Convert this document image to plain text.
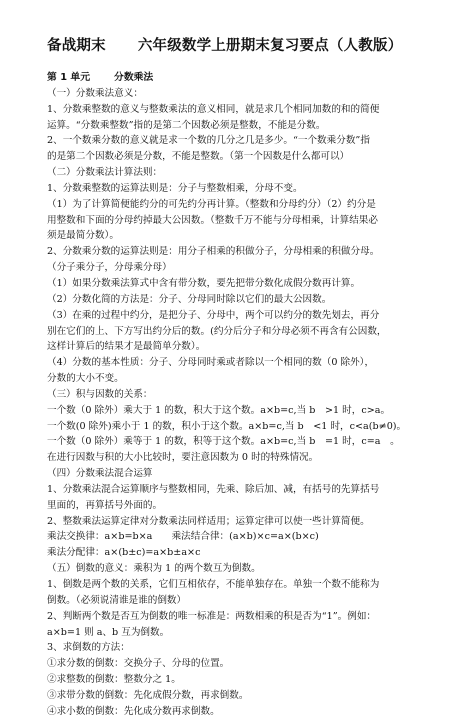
备战期末 六年级数学上册期末复习要点（人教版）

第 1 单元 分数乘法

（一）分数乘法意义：

1、分数乘整数的意义与整数乘法的意义相同，就是求几个相同加数的和的简便

运算。“分数乘整数”指的是第二个因数必须是整数，不能是分数。

2、一个数乘分数的意义就是求一个数的几分之几是多少。“一个数乘分数”指

的是第二个因数必须是分数，不能是整数。（第一个因数是什么都可以）

（二）分数乘法计算法则：

1、分数乘整数的运算法则是：分子与整数相乘，分母不变。

（1）为了计算简便能约分的可先约分再计算。（整数和分母约分）（2）约分是

用整数和下面的分母约掉最大公因数。（整数千万不能与分母相乘，计算结果必

须是最简分数）。

2、分数乘分数的运算法则是：用分子相乘的积做分子，分母相乘的积做分母。

（分子乘分子，分母乘分母）

（1）如果分数乘法算式中含有带分数，要先把带分数化成假分数再计算。

（2）分数化简的方法是：分子、分母同时除以它们的最大公因数。

（3）在乘的过程中约分，是把分子、分母中，两个可以约分的数先划去，再分

别在它们的上、下方写出约分后的数。(约分后分子和分母必须不再含有公因数，

这样计算后的结果才是最简单分数）。

（4）分数的基本性质：分子、分母同时乘或者除以一个相同的数（0 除外），

分数的大小不变。

（三）积与因数的关系：

一个数（0 除外）乘大于 1 的数，积大于这个数。a×b=c,当 b　>1 时，c>a。

一个数(0 除外)乘小于 1 的数，积小于这个数。a×b=c,当 b　<1 时，c<a(b≠0)。

一个数（0 除外）乘等于 1 的数，积等于这个数。a×b=c,当 b　=1 时，c=a　。

在进行因数与积的大小比较时，要注意因数为 0 时的特殊情况。

（四）分数乘法混合运算

1、分数乘法混合运算顺序与整数相同，先乘、除后加、减，有括号的先算括号

里面的，再算括号外面的。

2、整数乘法运算定律对分数乘法同样适用；运算定律可以使一些计算简便。

乘法交换律：a×b=b×a　　乘法结合律：(a×b)×c=a×(b×c)

乘法分配律：a×(b±c)=a×b±a×c

（五）倒数的意义：乘积为 1 的两个数互为倒数。

1、倒数是两个数的关系，它们互相依存，不能单独存在。单独一个数不能称为

倒数。（必须说清谁是谁的倒数）

2、判断两个数是否互为倒数的唯一标准是：两数相乘的积是否为“1”。例如：

a×b=1 则 a、b 互为倒数。

3、求倒数的方法：

①求分数的倒数：交换分子、分母的位置。

②求整数的倒数：整数分之 1。

③求带分数的倒数：先化成假分数，再求倒数。

④求小数的倒数：先化成分数再求倒数。
